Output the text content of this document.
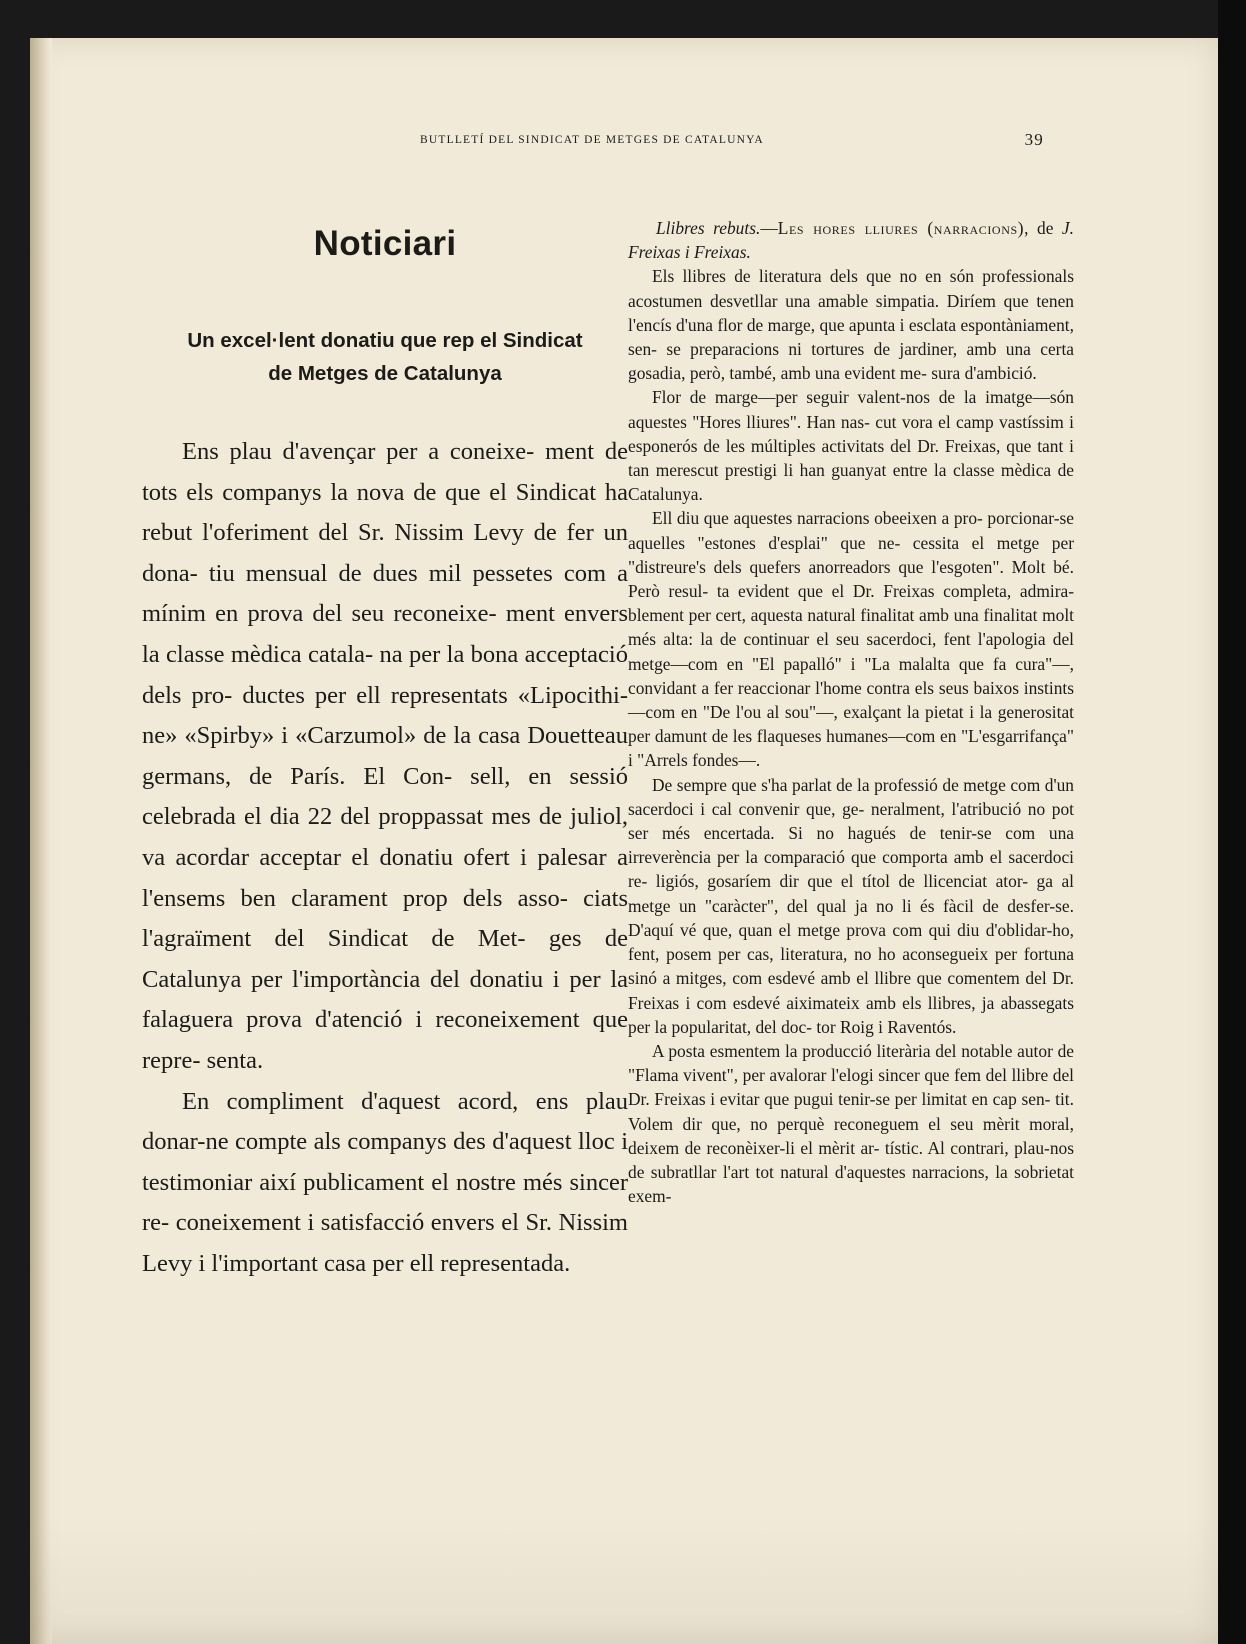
BUTLLETÍ DEL SINDICAT DE METGES DE CATALUNYA	39
Noticiari
Un excel·lent donatiu que rep el Sindicat
de Metges de Catalunya

Ens plau d'avençar per a coneixe- ment de tots els companys la nova de que el Sindicat ha rebut l'oferiment del Sr. Nissim Levy de fer un dona- tiu mensual de dues mil pessetes com a mínim en prova del seu reconeixe- ment envers la classe mèdica catala- na per la bona acceptació dels pro- ductes per ell representats «Lipocithi- ne» «Spirby» i «Carzumol» de la casa Douetteau germans, de París. El Con- sell, en sessió celebrada el dia 22 del proppassat mes de juliol, va acordar acceptar el donatiu ofert i palesar a l'ensems ben clarament prop dels asso- ciats l'agraïment del Sindicat de Met- ges de Catalunya per l'importància del donatiu i per la falaguera prova d'atenció i reconeixement que repre- senta.

En compliment d'aquest acord, ens plau donar-ne compte als companys des d'aquest lloc i testimoniar així publicament el nostre més sincer re- coneixement i satisfacció envers el Sr. Nissim Levy i l'important casa per ell representada.

Llibres rebuts.—Les hores lliures (narracions), de J. Freixas i Freixas.

Els llibres de literatura dels que no en són professionals acostumen desvetllar una amable simpatia. Diríem que tenen l'encís d'una flor de marge, que apunta i esclata espontàniament, sen- se preparacions ni tortures de jardiner, amb una certa gosadia, però, també, amb una evident me- sura d'ambició.

Flor de marge—per seguir valent-nos de la imatge—són aquestes "Hores lliures". Han nas- cut vora el camp vastíssim i esponerós de les múltiples activitats del Dr. Freixas, que tant i tan merescut prestigi li han guanyat entre la classe mèdica de Catalunya.

Ell diu que aquestes narracions obeeixen a pro- porcionar-se aquelles "estones d'esplai" que ne- cessita el metge per "distreure's dels quefers anorreadors que l'esgoten". Molt bé. Però resul- ta evident que el Dr. Freixas completa, admira- blement per cert, aquesta natural finalitat amb una finalitat molt més alta: la de continuar el seu sacerdoci, fent l'apologia del metge—com en "El papalló" i "La malalta que fa cura"—, convidant a fer reaccionar l'home contra els seus baixos instints—com en "De l'ou al sou"—, exalçant la pietat i la generositat per damunt de les flaqueses humanes—com en "L'esgarrifança" i "Arrels fondes—.

De sempre que s'ha parlat de la professió de metge com d'un sacerdoci i cal convenir que, ge- neralment, l'atribució no pot ser més encertada. Si no hagués de tenir-se com una irreverència per la comparació que comporta amb el sacerdoci re- ligiós, gosaríem dir que el títol de llicenciat ator- ga al metge un "caràcter", del qual ja no li és fàcil de desfer-se. D'aquí vé que, quan el metge prova com qui diu d'oblidar-ho, fent, posem per cas, literatura, no ho aconsegueix per fortuna sinó a mitges, com esdevé amb el llibre que comentem del Dr. Freixas i com esdevé aiximateix amb els llibres, ja abassegats per la popularitat, del doc- tor Roig i Raventós.

A posta esmentem la producció literària del notable autor de "Flama vivent", per avalorar l'elogi sincer que fem del llibre del Dr. Freixas i evitar que pugui tenir-se per limitat en cap sen- tit. Volem dir que, no perquè reconeguem el seu mèrit moral, deixem de reconèixer-li el mèrit ar- tístic. Al contrari, plau-nos de subratllar l'art tot natural d'aquestes narracions, la sobrietat exem-
